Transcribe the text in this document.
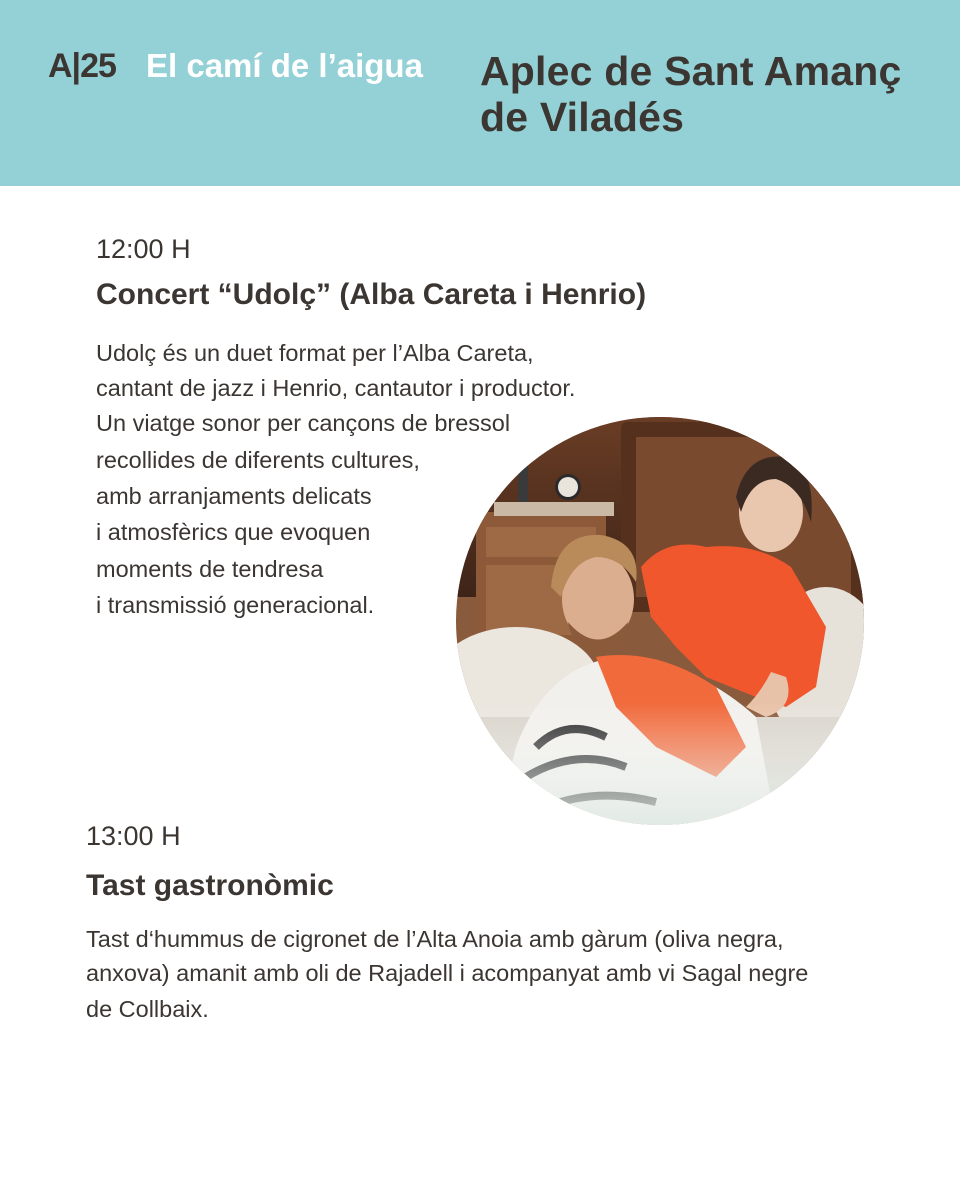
A|25 El camí de l’aigua Aplec de Sant Amanç
de Viladés
12:00 H
Concert “Udolç” (Alba Careta i Henrio)
Udolç és un duet format per l’Alba Careta,
cantant de jazz i Henrio, cantautor i productor.
Un viatge sonor per cançons de bressol
recollides de diferents cultures,
amb arranjaments delicats
i atmosfèrics que evoquen
moments de tendresa
i transmissió generacional.
13:00 H
Tast gastronòmic
Tast d‘hummus de cigronet de l’Alta Anoia amb gàrum (oliva negra,
anxova) amanit amb oli de Rajadell i acompanyat amb vi Sagal negre
de Collbaix.
